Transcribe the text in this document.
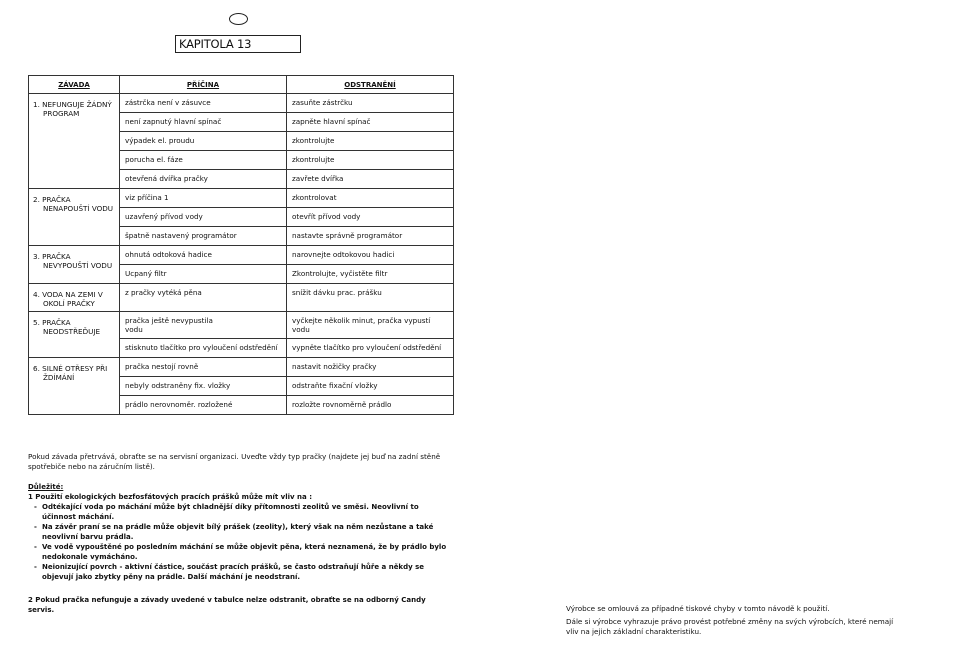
KAPITOLA 13
ZÁVADA	PŘÍČINA	ODSTRANĚNÍ

1. NEFUNGUJE ŽÁDNÝ
PROGRAM	zástrčka není v zásuvce	zasuňte zástrčku
	není zapnutý hlavní spínač	zapněte hlavní spínač
	výpadek el. proudu	zkontrolujte
	porucha el. fáze	zkontrolujte
	otevřená dvířka pračky	zavřete dvířka

2. PRAČKA
NENAPOUŠTÍ VODU	viz příčina 1	zkontrolovat
	uzavřený přívod vody	otevřít přívod vody
	špatně nastavený programátor	nastavte správně programátor

3. PRAČKA
NEVYPOUŠTÍ VODU	ohnutá odtoková hadice	narovnejte odtokovou hadici
	Ucpaný filtr	Zkontrolujte, vyčistěte filtr

4. VODA NA ZEMI V
OKOLÍ PRAČKY	z pračky vytéká pěna	snížit dávku prac. prášku

5. PRAČKA
NEODSTŘEĎUJE	pračka ještě nevypustila
vodu	vyčkejte několik minut, pračka vypustí vodu
	stisknuto tlačítko pro vyloučení odstředění	vypněte tlačítko pro vyloučení odstředění

6. SILNÉ OTŘESY PŘI
ŽDÍMÁNÍ	pračka nestojí rovně	nastavit nožičky pračky
	nebyly odstraněny fix. vložky	odstraňte fixační vložky
	prádlo nerovnoměr. rozložené	rozložte rovnoměrně prádlo
Pokud závada přetrvává, obraťte se na servisní organizaci. Uveďte vždy typ pračky (najdete jej buď na zadní stěně spotřebiče nebo na záručním listě).
Důležité:
1 Použití ekologických bezfosfátových pracích prášků může mít vliv na :
- Odtékající voda po máchání může být chladnější díky přítomnosti zeolitů ve směsi. Neovlivní to účinnost máchání.
- Na závěr praní se na prádle může objevit bílý prášek (zeolity), který však na něm nezůstane a také neovlivní barvu prádla.
- Ve vodě vypouštěné po posledním máchání se může objevit pěna, která neznamená, že by prádlo bylo nedokonale vymácháno.
- Neionizující povrch - aktivní částice, součást pracích prášků, se často odstraňují hůře a někdy se objevují jako zbytky pěny na prádle. Další máchání je neodstraní.
2 Pokud pračka nefunguje a závady uvedené v tabulce nelze odstranit, obraťte se na odborný Candy servis.	Výrobce se omlouvá za případné tiskové chyby v tomto návodě k použití.

Dále si výrobce vyhrazuje právo provést potřebné změny na svých výrobcích, které nemají vliv na jejich základní charakteristiku.
